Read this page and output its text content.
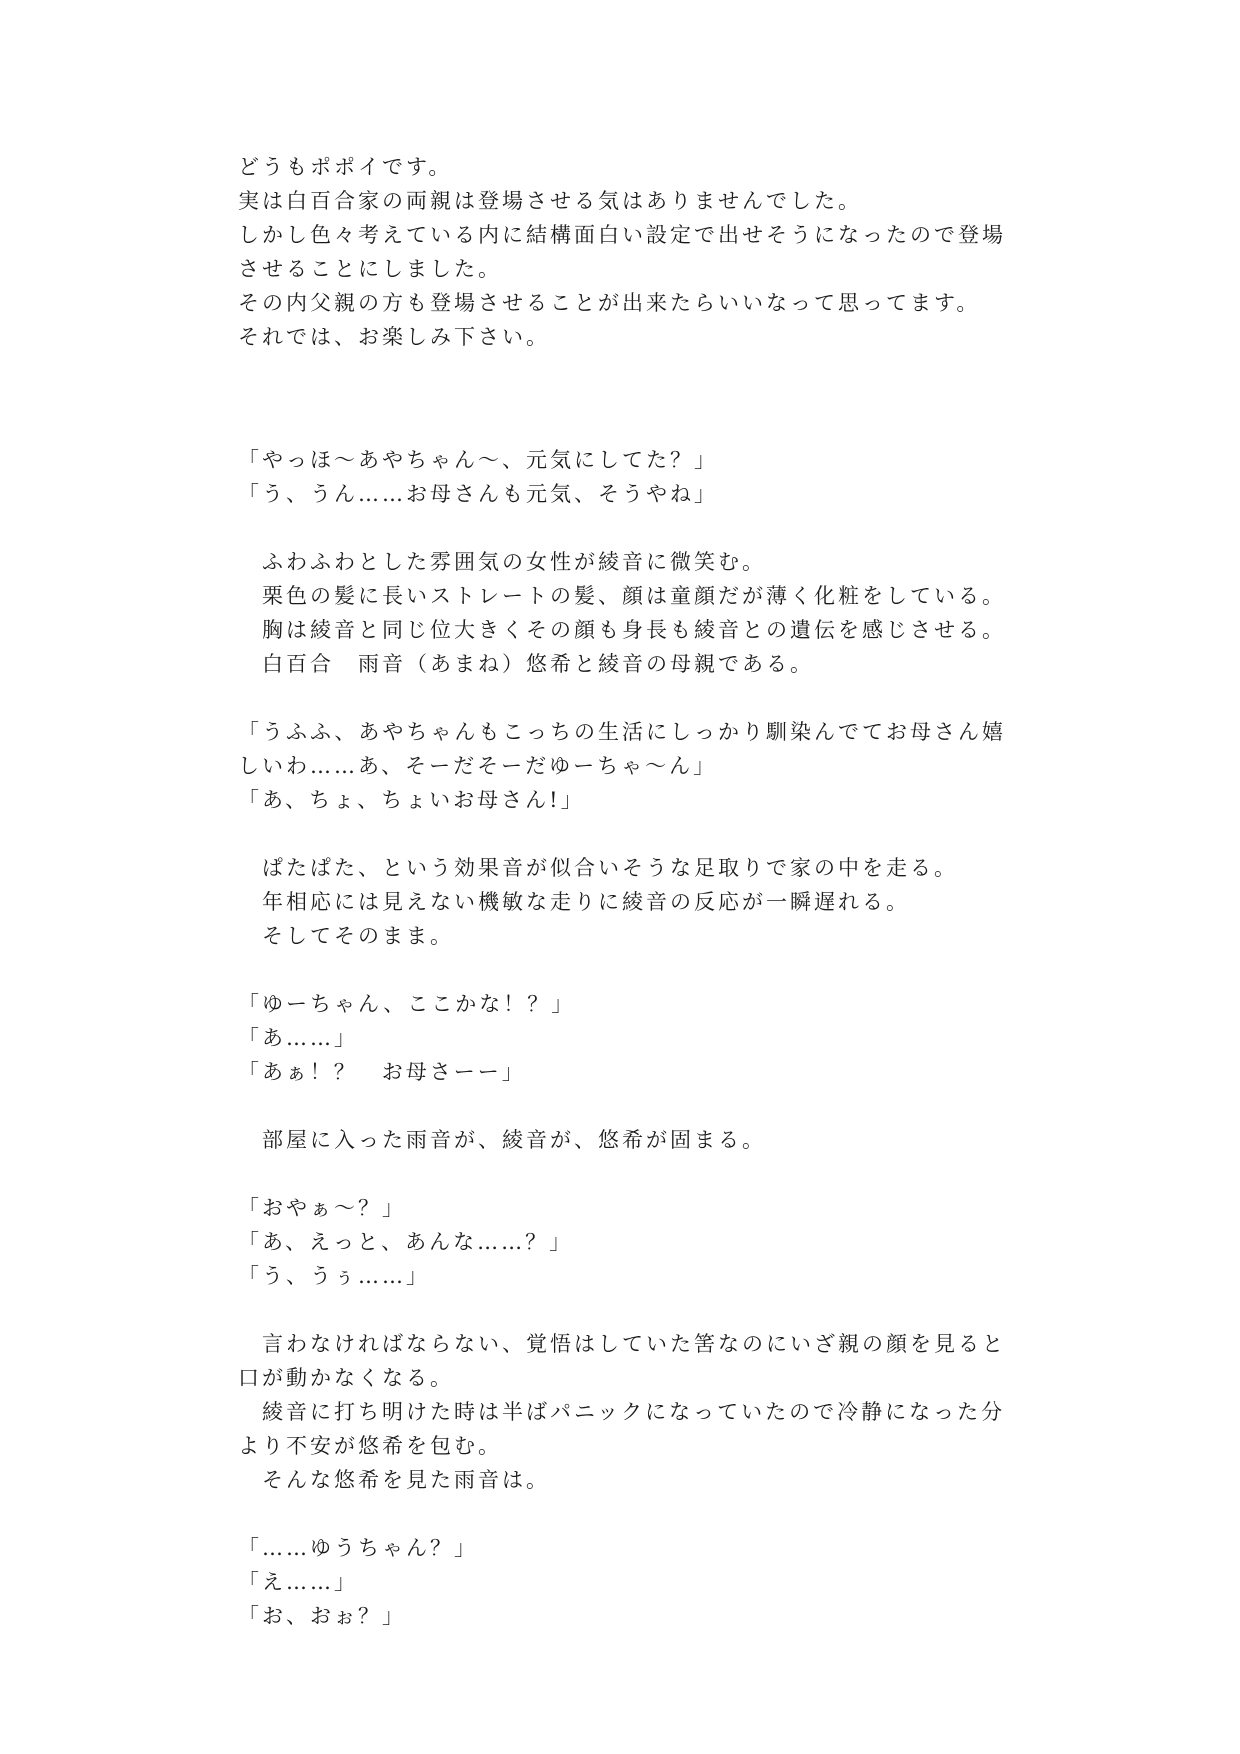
どうもポポイです。
実は白百合家の両親は登場させる気はありませんでした。
しかし色々考えている内に結構面白い設定で出せそうになったので登場させることにしました。
その内父親の方も登場させることが出来たらいいなって思ってます。
それでは、お楽しみ下さい。
「やっほ～あやちゃん～、元気にしてた？」
「う、うん……お母さんも元気、そうやね」
　ふわふわとした雰囲気の女性が綾音に微笑む。
　栗色の髪に長いストレートの髪、顔は童顔だが薄く化粧をしている。
　胸は綾音と同じ位大きくその顔も身長も綾音との遺伝を感じさせる。
　白百合　雨音（あまね）悠希と綾音の母親である。
「うふふ、あやちゃんもこっちの生活にしっかり馴染んでてお母さん嬉しいわ……あ、そーだそーだゆーちゃ～ん」
「あ、ちょ、ちょいお母さん!」
　ぱたぱた、という効果音が似合いそうな足取りで家の中を走る。
　年相応には見えない機敏な走りに綾音の反応が一瞬遅れる。
　そしてそのまま。
「ゆーちゃん、ここかな！？」
「あ……」
「あぁ！？　お母さーー」
　部屋に入った雨音が、綾音が、悠希が固まる。
「おやぁ～？」
「あ、えっと、あんな……？」
「う、うぅ……」
　言わなければならない、覚悟はしていた筈なのにいざ親の顔を見ると口が動かなくなる。
　綾音に打ち明けた時は半ばパニックになっていたので冷静になった分より不安が悠希を包む。
　そんな悠希を見た雨音は。
「……ゆうちゃん？」
「え……」
「お、おぉ？」
